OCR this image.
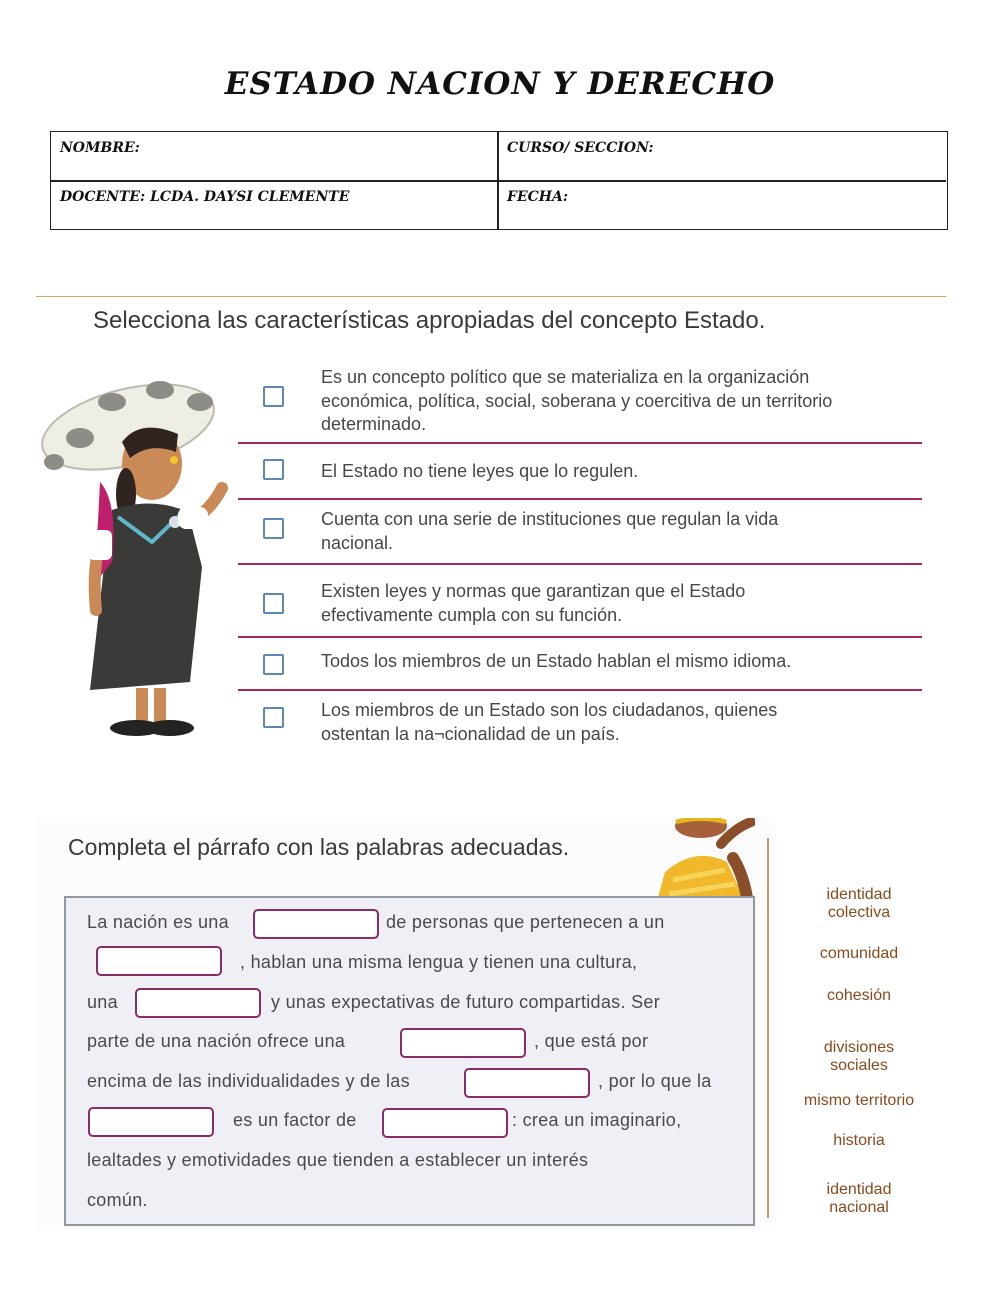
ESTADO NACION Y DERECHO
NOMBRE:	CURSO/ SECCION:
DOCENTE: LCDA. DAYSI CLEMENTE	FECHA:
Selecciona las características apropiadas del concepto Estado.
Es un concepto político que se materializa en la organización
económica, política, social, soberana y coercitiva de un territorio
determinado.
El Estado no tiene leyes que lo regulen.
Cuenta con una serie de instituciones que regulan la vida
nacional.
Existen leyes y normas que garantizan que el Estado
efectivamente cumpla con su función.
Todos los miembros de un Estado hablan el mismo idioma.
Los miembros de un Estado son los ciudadanos, quienes
ostentan la na¬cionalidad de un país.
Completa el párrafo con las palabras adecuadas.
La nación es una	de personas que pertenecen a un
, hablan una misma lengua y tienen una cultura,
una	y unas expectativas de futuro compartidas. Ser
parte de una nación ofrece una	, que está por
encima de las individualidades y de las	, por lo que la
es un factor de	: crea un imaginario,
lealtades y emotividades que tienden a establecer un interés
común.
identidad
colectiva
comunidad
cohesión
divisiones
sociales
mismo territorio
historia
identidad
nacional
